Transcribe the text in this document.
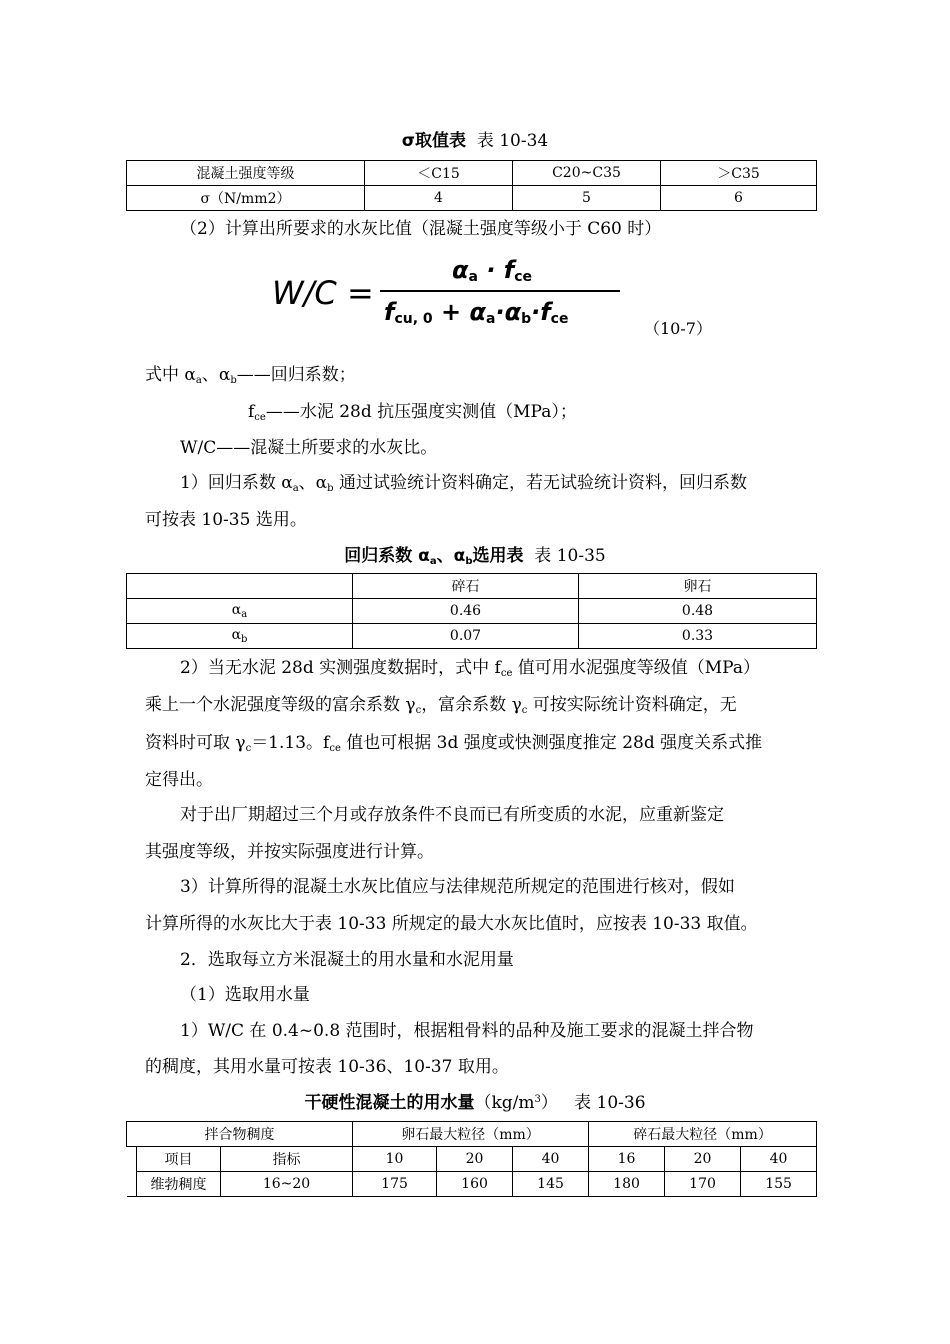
σ取值表 表 10-34
混凝土强度等级	＜C15	C20~C35	＞C35
σ（N/mm2）	4	5	6
（2）计算出所要求的水灰比值（混凝土强度等级小于 C60 时）
W/C =
$\alpha_a \cdot f_{ce}$
$f_{cu, 0} + \alpha_a\cdot\alpha_b\cdot f_{ce}$	（10-7）
式中 $\alpha_a$、$\alpha_b——$回归系数；
$f_{ce}——$水泥 28d 抗压强度实测值（MPa）；
W/C——混凝土所要求的水灰比。
1）回归系数 $\alpha_a$、$\alpha_b$ 通过试验统计资料确定，若无试验统计资料，回归系数
可按表 10-35 选用。
回归系数 $\alpha_a$、$\alpha_b$选用表 表 10-35
	碎石	卵石
$\alpha_a$	0.46	0.48
$\alpha_b$	0.07	0.33
2）当无水泥 28d 实测强度数据时，式中 $f_{ce}$ 值可用水泥强度等级值（MPa）
乘上一个水泥强度等级的富余系数 $\gamma_c$，富余系数 $\gamma_c$ 可按实际统计资料确定，无
资料时可取 $\gamma_c=1.13$。$f_{ce}$ 值也可根据 3d 强度或快测强度推定 28d 强度关系式推
定得出。
对于出厂期超过三个月或存放条件不良而已有所变质的水泥，应重新鉴定
其强度等级，并按实际强度进行计算。
3）计算所得的混凝土水灰比值应与法律规范所规定的范围进行核对，假如
计算所得的水灰比大于表 10-33 所规定的最大水灰比值时，应按表 10-33 取值。
2．选取每立方米混凝土的用水量和水泥用量
（1）选取用水量
1）W/C 在 0.4~0.8 范围时，根据粗骨料的品种及施工要求的混凝土拌合物
的稠度，其用水量可按表 10-36、10-37 取用。
干硬性混凝土的用水量$(kg/m^3)$ 表 10-36
拌合物稠度			卵石最大粒径（mm）			碎石最大粒径（mm）		
	项目	指标	10	20	40	16	20	40
	维勃稠度	16~20	175	160	145	180	170	155
